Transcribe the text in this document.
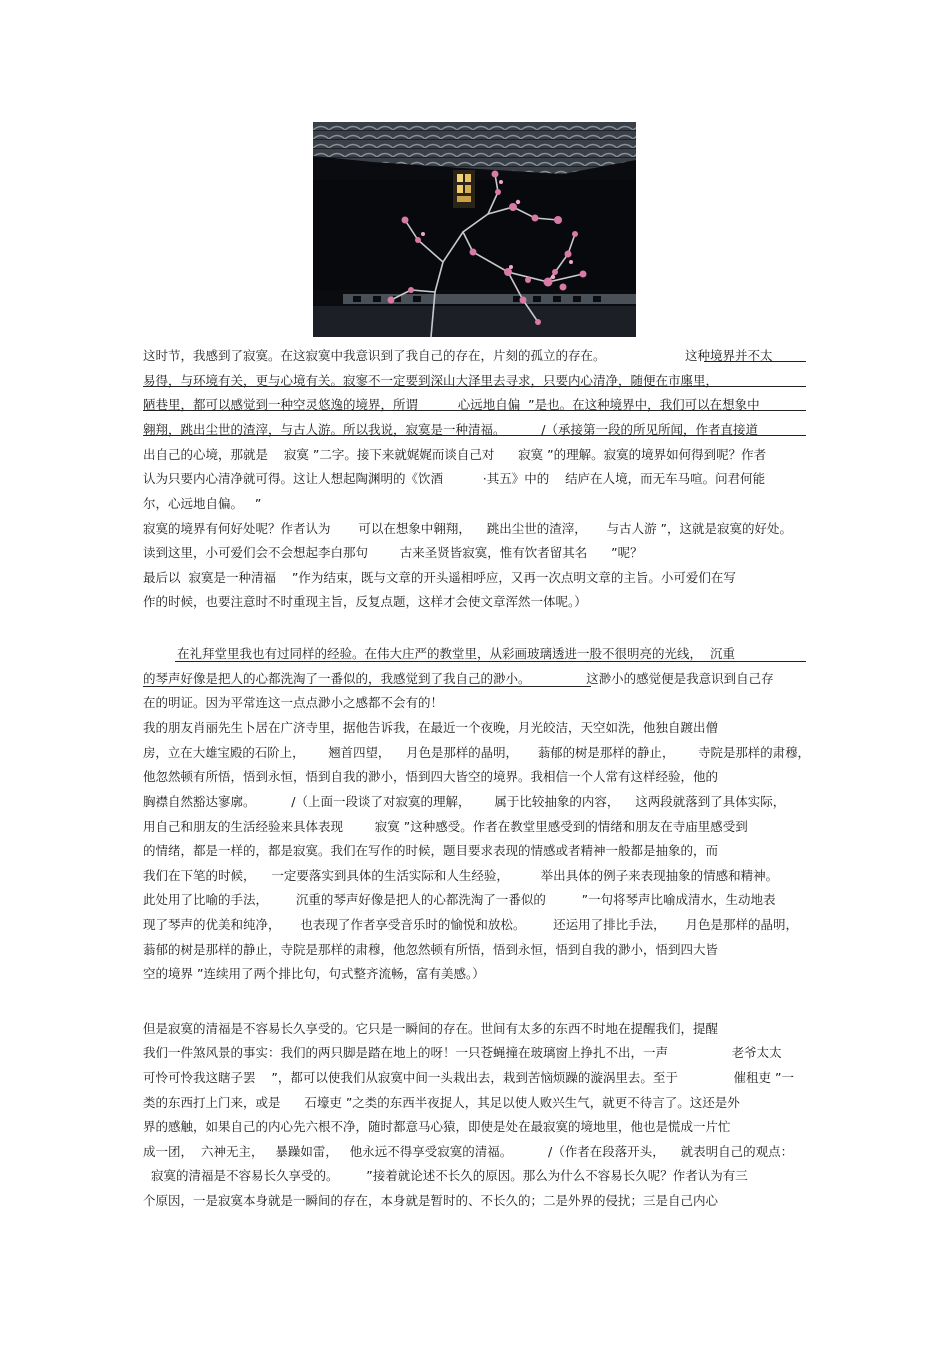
这时节，我感到了寂寞。在这寂寞中我意识到了我自己的存在，片刻的孤立的存在。                    这种境界并不太
易得，与环境有关，更与心境有关。寂寥不一定要到深山大泽里去寻求，只要内心清净，随便在市廛里，
陋巷里，都可以感觉到一种空灵悠逸的境界，所谓          心远地自偏  ”是也。在这种境界中，我们可以在想象中
翱翔，跳出尘世的渣滓，与古人游。所以我说，寂寞是一种清福。         /（承接第一段的所见所闻，作者直接道
出自己的心境，那就是    寂寞 ”二字。接下来就娓娓而谈自己对      寂寞 ”的理解。寂寞的境界如何得到呢？作者
认为只要内心清净就可得。这让人想起陶渊明的《饮酒          ·其五》中的    结庐在人境，而无车马喧。问君何能
尔，心远地自偏。   ”
寂寞的境界有何好处呢？作者认为       可以在想象中翱翔，    跳出尘世的渣滓，     与古人游 ”，这就是寂寞的好处。
读到这里，小可爱们会不会想起李白那句        古来圣贤皆寂寞，惟有饮者留其名      ”呢？
最后以  寂寞是一种清福    ”作为结束，既与文章的开头遥相呼应，又再一次点明文章的主旨。小可爱们在写
作的时候，也要注意时不时重现主旨，反复点题，这样才会使文章浑然一体呢。）
在礼拜堂里我也有过同样的经验。在伟大庄严的教堂里，从彩画玻璃透进一股不很明亮的光线，  沉重
的琴声好像是把人的心都洗淘了一番似的，我感觉到了我自己的渺小。              这渺小的感觉便是我意识到自己存
在的明证。因为平常连这一点点渺小之感都不会有的！
我的朋友肖丽先生卜居在广济寺里，据他告诉我，在最近一个夜晚，月光皎洁，天空如洗，他独自踱出僧
房，立在大雄宝殿的石阶上，      翘首四望，    月色是那样的晶明，     蓊郁的树是那样的静止，      寺院是那样的肃穆，
他忽然顿有所悟，悟到永恒，悟到自我的渺小，悟到四大皆空的境界。我相信一个人常有这样经验，他的
胸襟自然豁达寥廓。         /（上面一段谈了对寂寞的理解，      属于比较抽象的内容，    这两段就落到了具体实际，
用自己和朋友的生活经验来具体表现        寂寞 ”这种感受。作者在教堂里感受到的情绪和朋友在寺庙里感受到
的情绪，都是一样的，都是寂寞。我们在写作的时候，题目要求表现的情感或者精神一般都是抽象的，而
我们在下笔的时候，    一定要落实到具体的生活实际和人生经验，        举出具体的例子来表现抽象的情感和精神。
此处用了比喻的手法，       沉重的琴声好像是把人的心都洗淘了一番似的         ”一句将琴声比喻成清水，生动地表
现了琴声的优美和纯净，     也表现了作者享受音乐时的愉悦和放松。       还运用了排比手法，     月色是那样的晶明，
蓊郁的树是那样的静止，寺院是那样的肃穆，他忽然顿有所悟，悟到永恒，悟到自我的渺小，悟到四大皆
空的境界 ”连续用了两个排比句，句式整齐流畅，富有美感。）
但是寂寞的清福是不容易长久享受的。它只是一瞬间的存在。世间有太多的东西不时地在提醒我们，提醒
我们一件煞风景的事实：我们的两只脚是踏在地上的呀！一只苍蝇撞在玻璃窗上挣扎不出，一声                老爷太太
可怜可怜我这瞎子罢    ”，都可以使我们从寂寞中间一头栽出去，栽到苦恼烦躁的漩涡里去。至于              催租吏 ”一
类的东西打上门来，或是      石壕吏 ”之类的东西半夜捉人，其足以使人败兴生气，就更不待言了。这还是外
界的感触，如果自己的内心先六根不净，随时都意马心猿，即使是处在最寂寞的境地里，他也是慌成一片忙
成一团，  六神无主，   暴躁如雷，   他永远不得享受寂寞的清福。         /（作者在段落开头，    就表明自己的观点：
寂寞的清福是不容易长久享受的。       ”接着就论述不长久的原因。那么为什么不容易长久呢？作者认为有三
个原因，一是寂寞本身就是一瞬间的存在，本身就是暂时的、不长久的；二是外界的侵扰；三是自己内心
